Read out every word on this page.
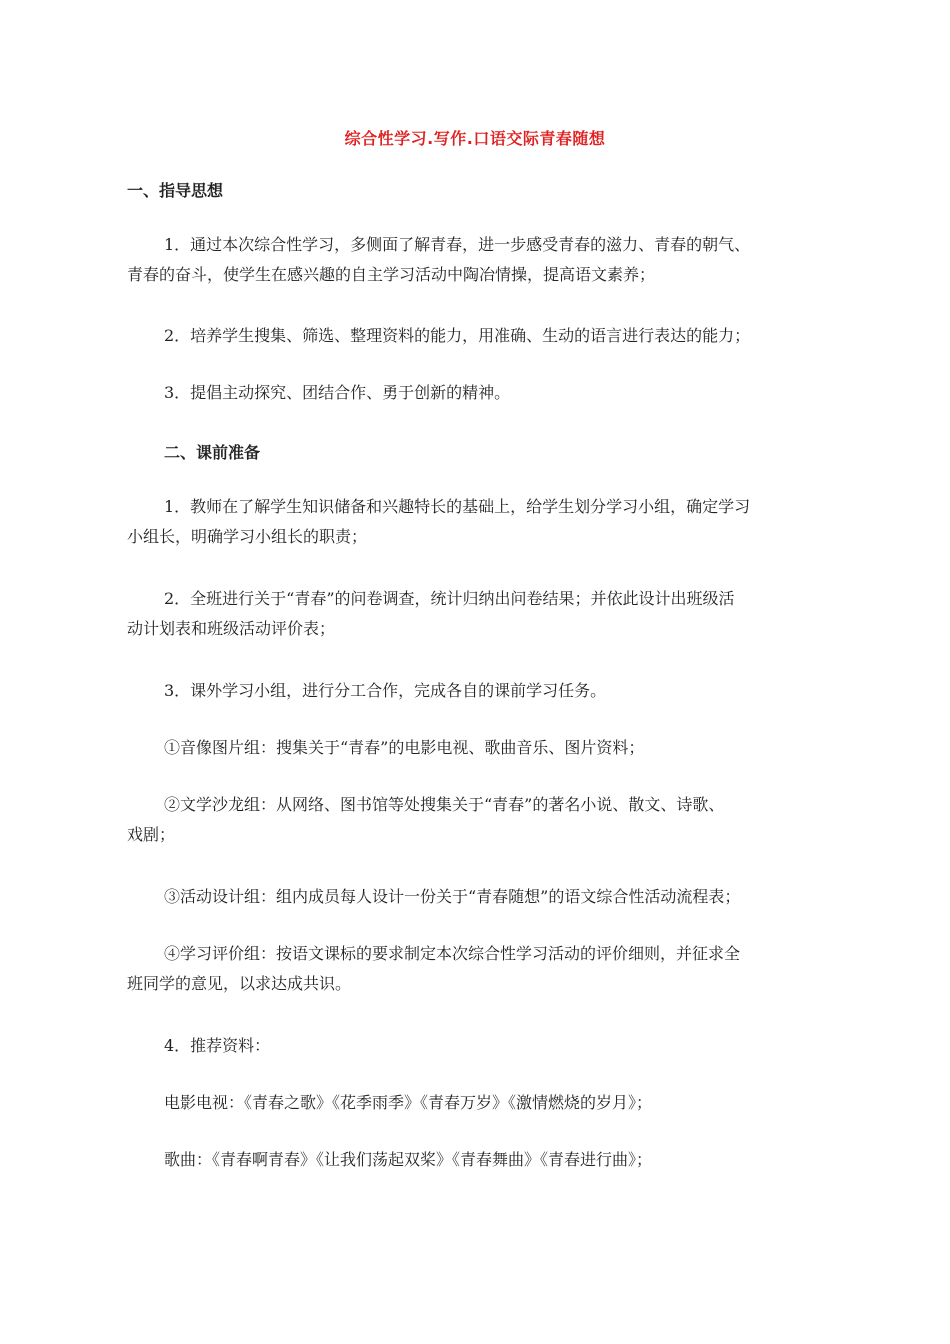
综合性学习.写作.口语交际青春随想
一、指导思想
1．通过本次综合性学习，多侧面了解青春，进一步感受青春的滋力、青春的朝气、
青春的奋斗，使学生在感兴趣的自主学习活动中陶冶情操，提高语文素养；
2．培养学生搜集、筛选、整理资料的能力，用准确、生动的语言进行表达的能力；
3．提倡主动探究、团结合作、勇于创新的精神。
二、课前准备
1．教师在了解学生知识储备和兴趣特长的基础上，给学生划分学习小组，确定学习
小组长，明确学习小组长的职责；
2．全班进行关于“青春”的问卷调查，统计归纳出问卷结果；并依此设计出班级活
动计划表和班级活动评价表；
3．课外学习小组，进行分工合作，完成各自的课前学习任务。
①音像图片组：搜集关于“青春”的电影电视、歌曲音乐、图片资料；
②文学沙龙组：从网络、图书馆等处搜集关于“青春”的著名小说、散文、诗歌、
戏剧；
③活动设计组：组内成员每人设计一份关于“青春随想”的语文综合性活动流程表；
④学习评价组：按语文课标的要求制定本次综合性学习活动的评价细则，并征求全
班同学的意见，以求达成共识。
4．推荐资料：
电影电视：《青春之歌》《花季雨季》《青春万岁》《激情燃烧的岁月》；
歌曲：《青春啊青春》《让我们荡起双桨》《青春舞曲》《青春进行曲》；
